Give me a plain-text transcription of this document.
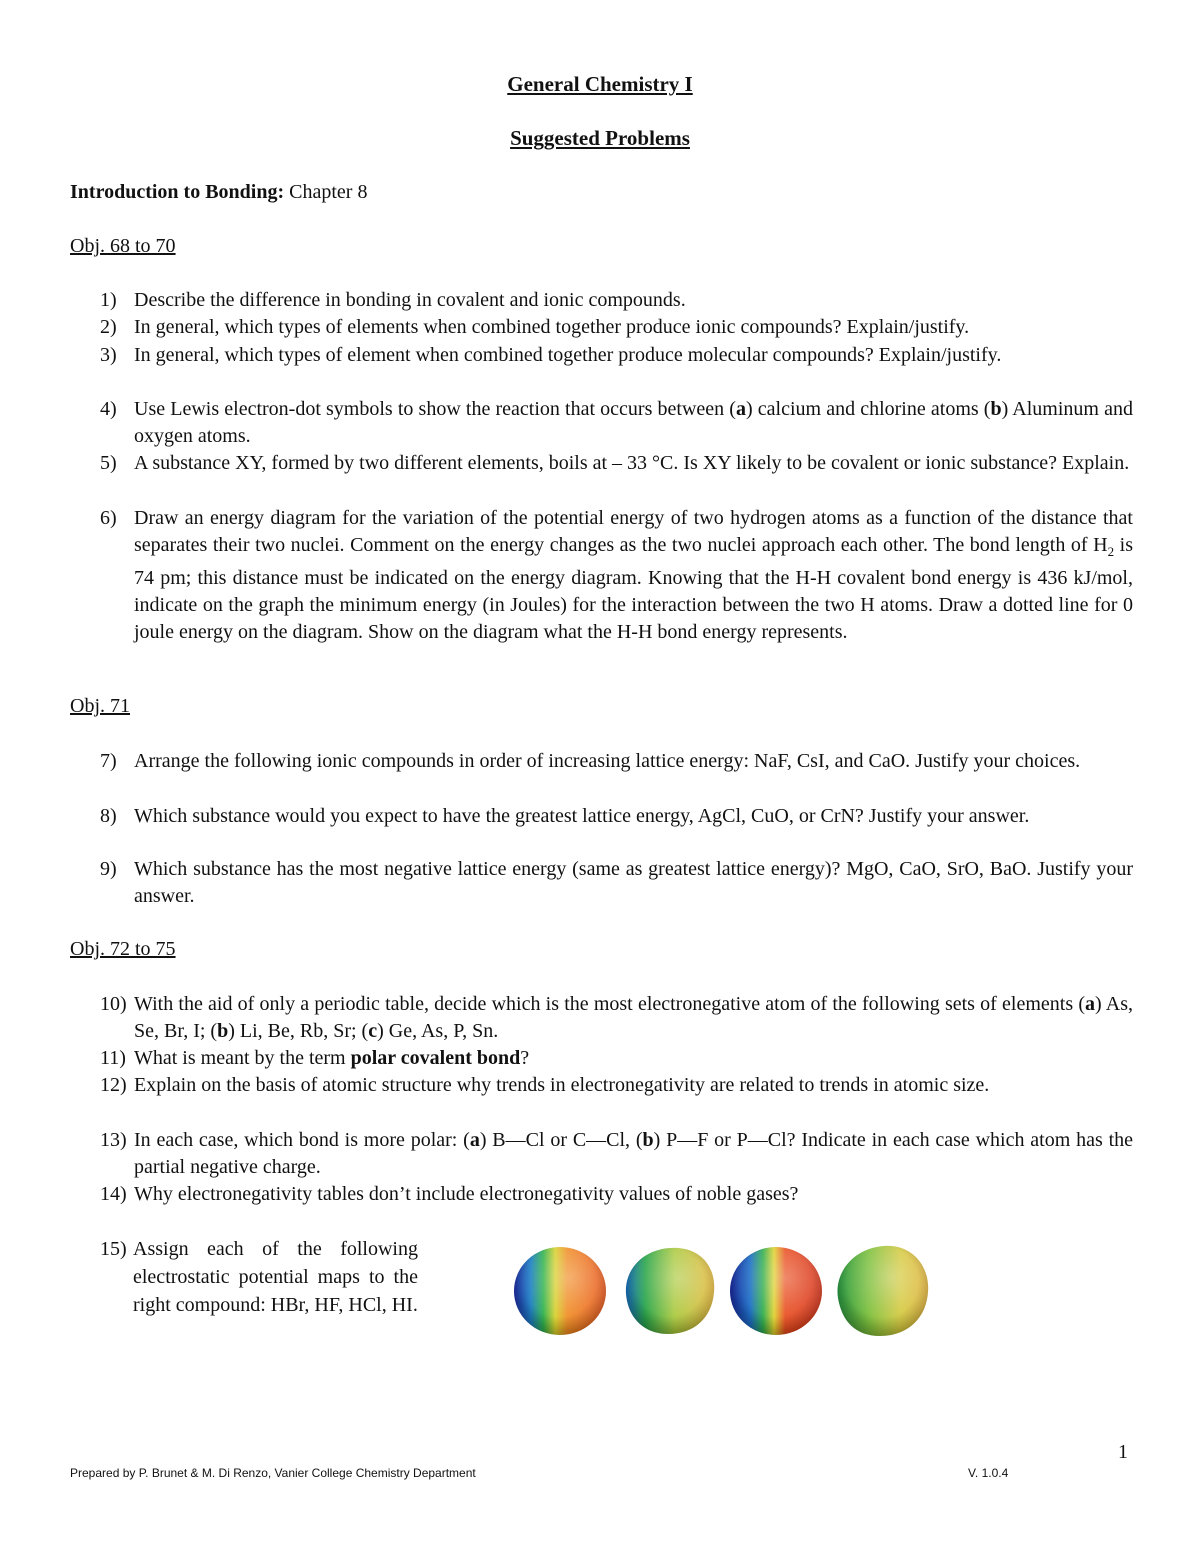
General Chemistry I
Suggested Problems
Introduction to Bonding: Chapter 8
Obj. 68 to 70
1) Describe the difference in bonding in covalent and ionic compounds.
2) In general, which types of elements when combined together produce ionic compounds? Explain/justify.
3) In general, which types of element when combined together produce molecular compounds? Explain/justify.
4) Use Lewis electron-dot symbols to show the reaction that occurs between (a) calcium and chlorine atoms (b) Aluminum and oxygen atoms.
5) A substance XY, formed by two different elements, boils at – 33 °C. Is XY likely to be covalent or ionic substance? Explain.
6) Draw an energy diagram for the variation of the potential energy of two hydrogen atoms as a function of the distance that separates their two nuclei. Comment on the energy changes as the two nuclei approach each other. The bond length of $H_2$ is 74 pm; this distance must be indicated on the energy diagram. Knowing that the H-H covalent bond energy is 436 kJ/mol, indicate on the graph the minimum energy (in Joules) for the interaction between the two H atoms. Draw a dotted line for 0 joule energy on the diagram. Show on the diagram what the H-H bond energy represents.
Obj. 71
7) Arrange the following ionic compounds in order of increasing lattice energy: NaF, CsI, and CaO. Justify your choices.
8) Which substance would you expect to have the greatest lattice energy, AgCl, CuO, or CrN? Justify your answer.
9) Which substance has the most negative lattice energy (same as greatest lattice energy)? MgO, CaO, SrO, BaO. Justify your answer.
Obj. 72 to 75
10) With the aid of only a periodic table, decide which is the most electronegative atom of the following sets of elements (a) As, Se, Br, I; (b) Li, Be, Rb, Sr; (c) Ge, As, P, Sn.
11) What is meant by the term polar covalent bond?
12) Explain on the basis of atomic structure why trends in electronegativity are related to trends in atomic size.
13) In each case, which bond is more polar: (a) B—Cl or C—Cl, (b) P—F or P—Cl? Indicate in each case which atom has the partial negative charge.
14) Why electronegativity tables don’t include electronegativity values of noble gases?
15) Assign each of the following electrostatic potential maps to the right compound: HBr, HF, HCl, HI.
1
Prepared by P. Brunet & M. Di Renzo, Vanier College Chemistry Department	V. 1.0.4
